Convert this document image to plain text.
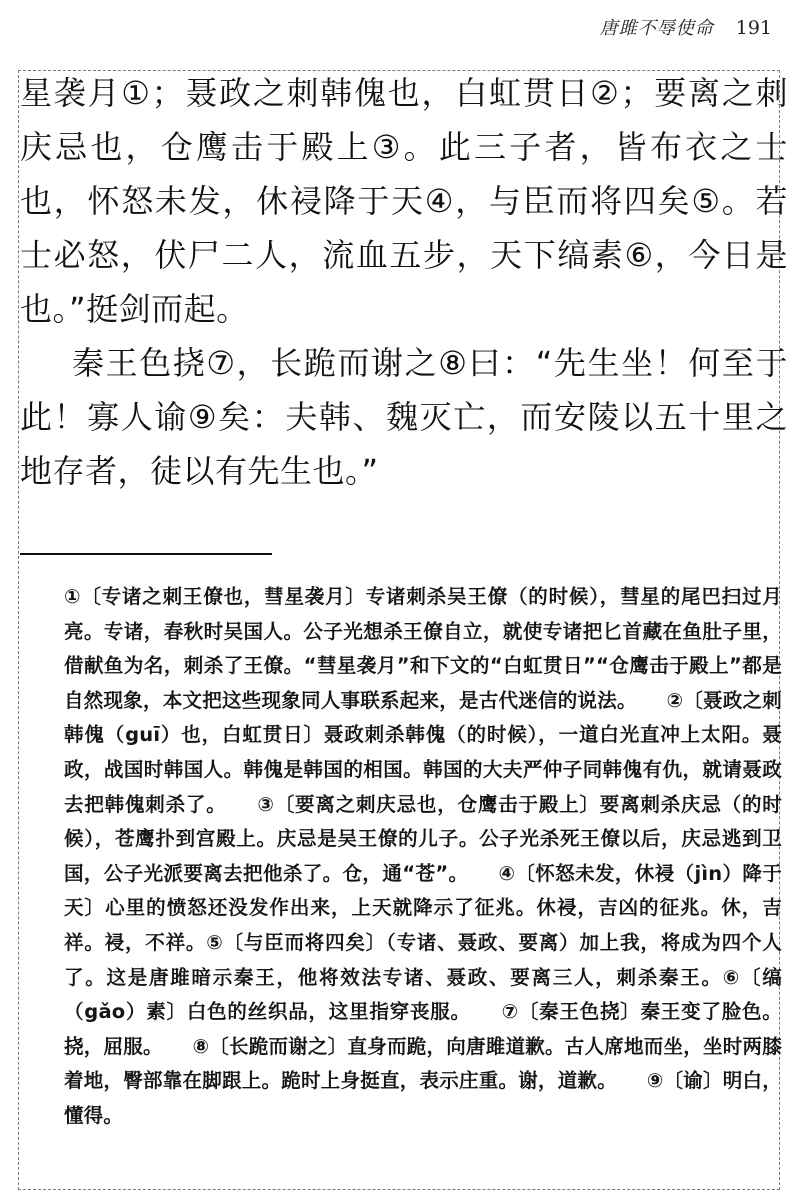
唐雎不辱使命 191

星袭月①；聂政之刺韩傀也，白虹贯日②；要离之刺庆忌也，仓鹰击于殿上③。此三子者，皆布衣之士也，怀怒未发，休祲降于天④，与臣而将四矣⑤。若士必怒，伏尸二人，流血五步，天下缟素⑥，今日是也。”挺剑而起。

秦王色挠⑦，长跪而谢之⑧曰：“先生坐！何至于此！寡人谕⑨矣：夫韩、魏灭亡，而安陵以五十里之地存者，徒以有先生也。”

①〔专诸之刺王僚也，彗星袭月〕专诸刺杀吴王僚（的时候），彗星的尾巴扫过月亮。专诸，春秋时吴国人。公子光想杀王僚自立，就使专诸把匕首藏在鱼肚子里，借献鱼为名，刺杀了王僚。“彗星袭月”和下文的“白虹贯日”“仓鹰击于殿上”都是自然现象，本文把这些现象同人事联系起来，是古代迷信的说法。　　②〔聂政之刺韩傀（guī）也，白虹贯日〕聂政刺杀韩傀（的时候），一道白光直冲上太阳。聂政，战国时韩国人。韩傀是韩国的相国。韩国的大夫严仲子同韩傀有仇，就请聂政去把韩傀刺杀了。　　③〔要离之刺庆忌也，仓鹰击于殿上〕要离刺杀庆忌（的时候），苍鹰扑到宫殿上。庆忌是吴王僚的儿子。公子光杀死王僚以后，庆忌逃到卫国，公子光派要离去把他杀了。仓，通“苍”。　　④〔怀怒未发，休祲（jìn）降于天〕心里的愤怒还没发作出来，上天就降示了征兆。休祲，吉凶的征兆。休，吉祥。祲，不祥。⑤〔与臣而将四矣〕（专诸、聂政、要离）加上我，将成为四个人了。这是唐雎暗示秦王，他将效法专诸、聂政、要离三人，刺杀秦王。⑥〔缟（gǎo）素〕白色的丝织品，这里指穿丧服。　　⑦〔秦王色挠〕秦王变了脸色。挠，屈服。　　⑧〔长跪而谢之〕直身而跪，向唐雎道歉。古人席地而坐，坐时两膝着地，臀部靠在脚跟上。跪时上身挺直，表示庄重。谢，道歉。　　⑨〔谕〕明白，懂得。
